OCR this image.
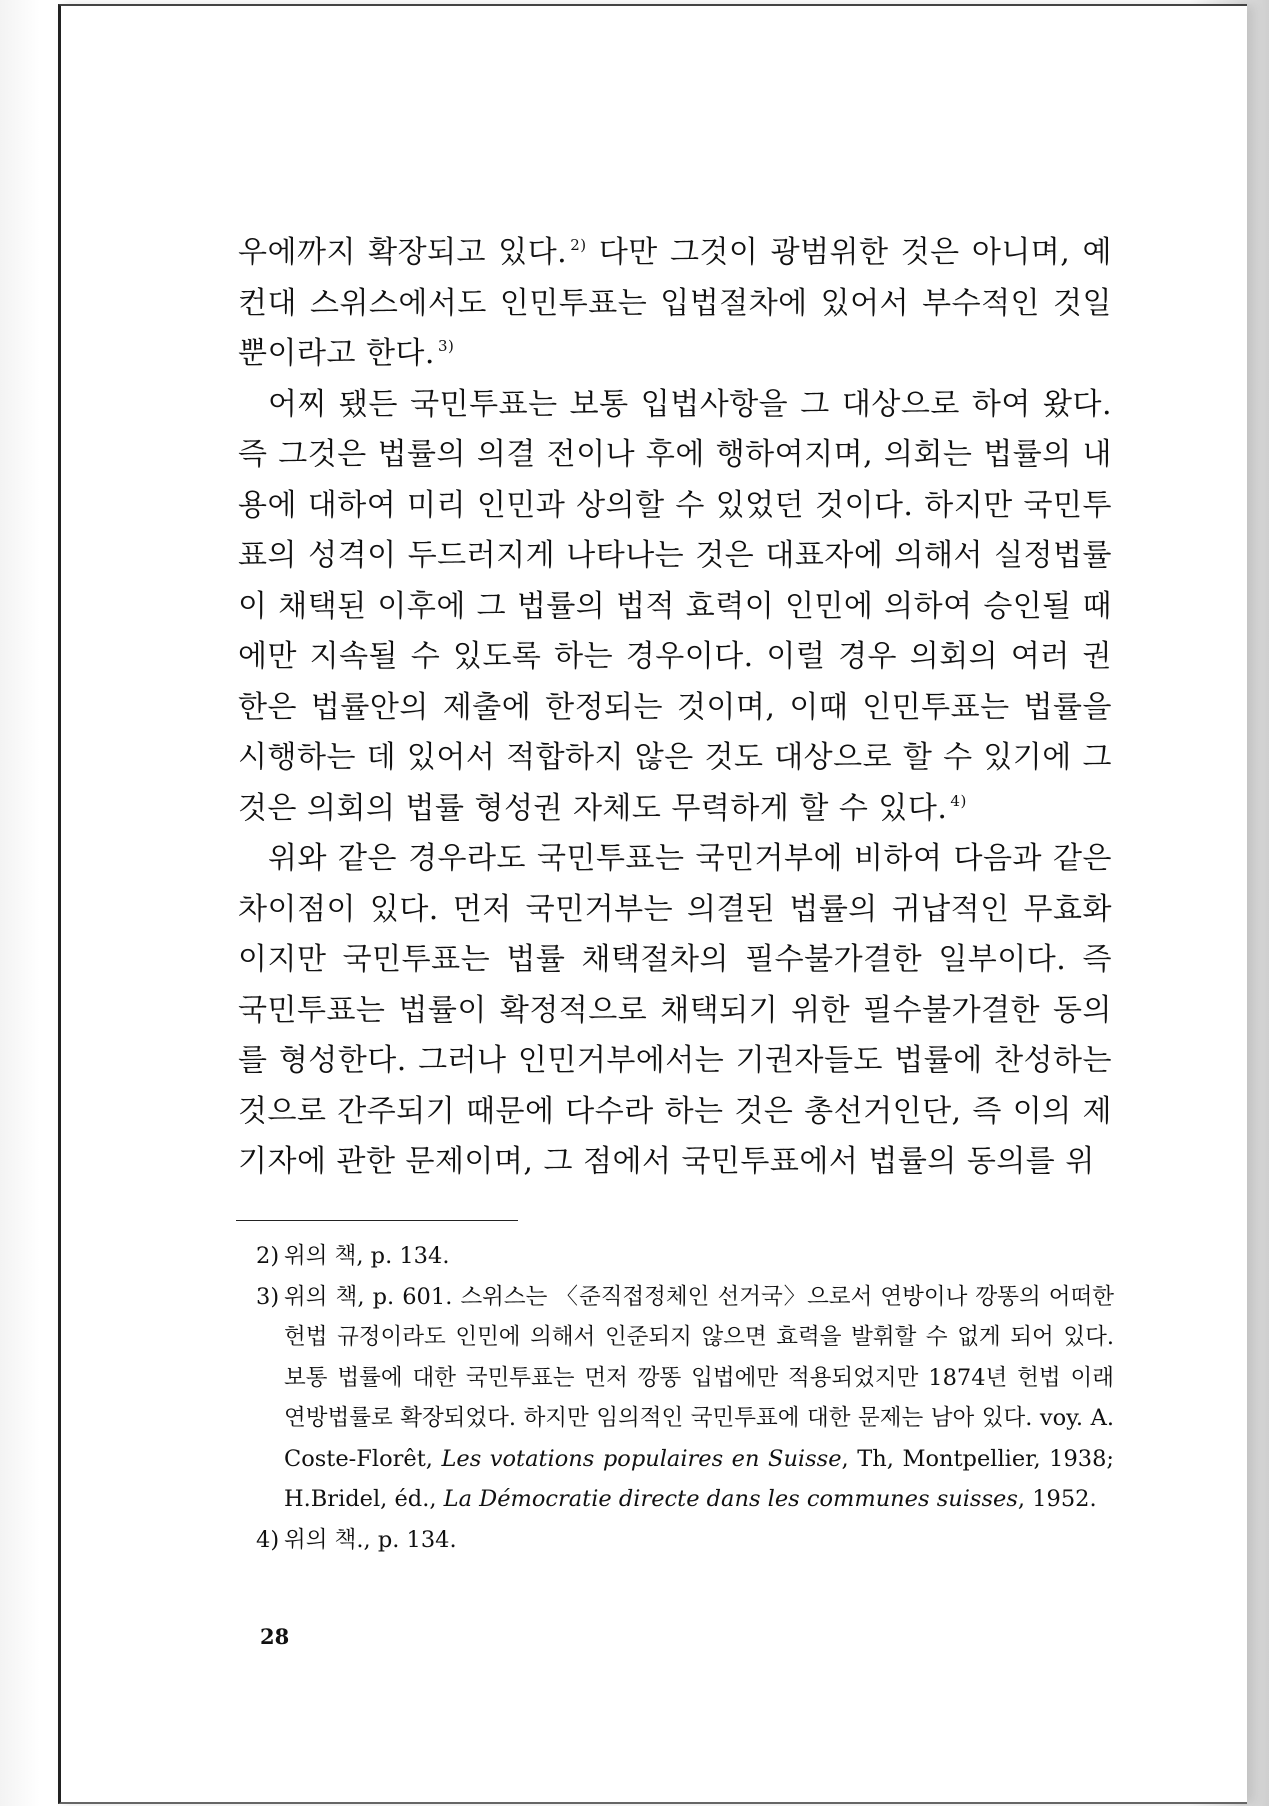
우에까지 확장되고 있다. $^{2)}$ 다만 그것이 광범위한 것은 아니며, 예컨대 스위스에서도 인민투표는 입법절차에 있어서 부수적인 것일 뿐이라고 한다. $^{3)}$

어찌 됐든 국민투표는 보통 입법사항을 그 대상으로 하여 왔다. 즉 그것은 법률의 의결 전이나 후에 행하여지며, 의회는 법률의 내용에 대하여 미리 인민과 상의할 수 있었던 것이다. 하지만 국민투표의 성격이 두드러지게 나타나는 것은 대표자에 의해서 실정법률이 채택된 이후에 그 법률의 법적 효력이 인민에 의하여 승인될 때에만 지속될 수 있도록 하는 경우이다. 이럴 경우 의회의 여러 권한은 법률안의 제출에 한정되는 것이며, 이때 인민투표는 법률을 시행하는 데 있어서 적합하지 않은 것도 대상으로 할 수 있기에 그것은 의회의 법률 형성권 자체도 무력하게 할 수 있다. $^{4)}$

위와 같은 경우라도 국민투표는 국민거부에 비하여 다음과 같은 차이점이 있다. 먼저 국민거부는 의결된 법률의 귀납적인 무효화이지만 국민투표는 법률 채택절차의 필수불가결한 일부이다. 즉 국민투표는 법률이 확정적으로 채택되기 위한 필수불가결한 동의를 형성한다. 그러나 인민거부에서는 기권자들도 법률에 찬성하는 것으로 간주되기 때문에 다수라 하는 것은 총선거인단, 즉 이의 제기자에 관한 문제이며, 그 점에서 국민투표에서 법률의 동의를 위

2) 위의 책, p. 134.
3) 위의 책, p. 601. 스위스는 〈준직접정체인 선거국〉으로서 연방이나 깡똥의 어떠한 헌법 규정이라도 인민에 의해서 인준되지 않으면 효력을 발휘할 수 없게 되어 있다. 보통 법률에 대한 국민투표는 먼저 깡똥 입법에만 적용되었지만 1874년 헌법 이래 연방법률로 확장되었다. 하지만 임의적인 국민투표에 대한 문제는 남아 있다. voy. A. Coste-Florêt, Les votations populaires en Suisse, Th, Montpellier, 1938; H.Bridel, éd., La Démocratie directe dans les communes suisses, 1952.
4) 위의 책., p. 134.
28
